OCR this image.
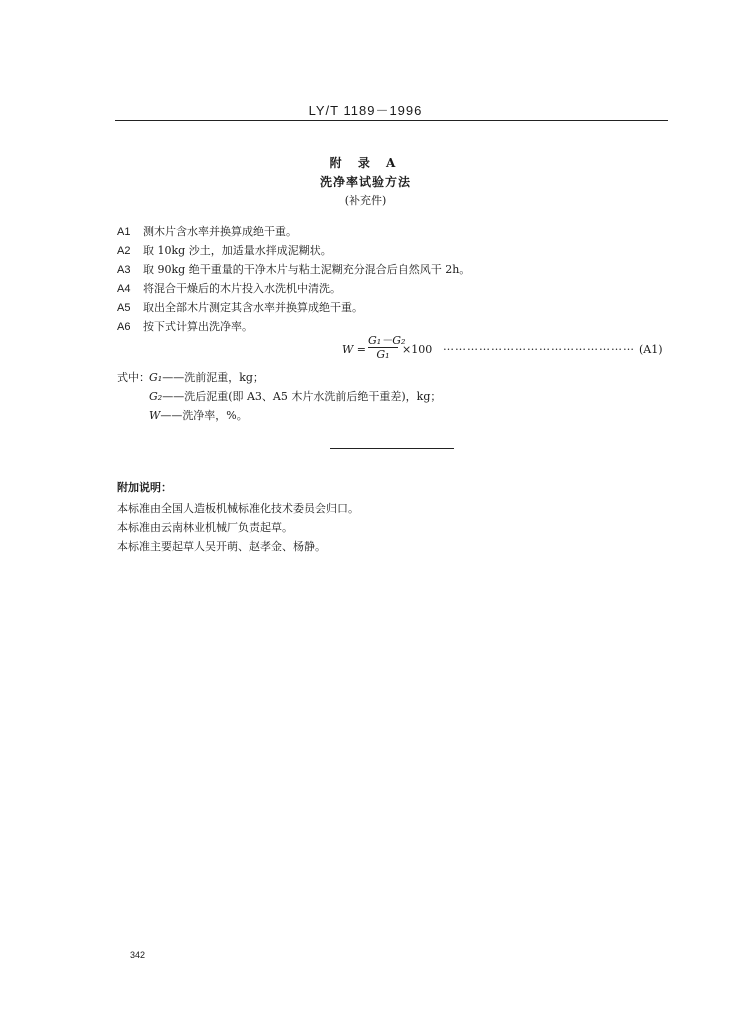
LY/T 1189－1996
附 录 A
洗净率试验方法
(补充件)
A1 测木片含水率并换算成绝干重。
A2 取 10kg 沙土，加适量水拌成泥糊状。
A3 取 90kg 绝干重量的干净木片与粘土泥糊充分混合后自然风干 2h。
A4 将混合干燥后的木片投入水洗机中清洗。
A5 取出全部木片测定其含水率并换算成绝干重。
A6 按下式计算出洗净率。
$W = \frac{\text{G₁－G₂}}{\text{G₁}} \times 100$ ………………………………………… (A1)
式中： G₁——洗前泥重，kg；
G₂——洗后泥重(即 A3、A5 木片水洗前后绝干重差)，kg；
W——洗净率，%。
附加说明：
本标准由全国人造板机械标准化技术委员会归口。
本标准由云南林业机械厂负责起草。
本标准主要起草人吴开萌、赵孝金、杨静。
342
